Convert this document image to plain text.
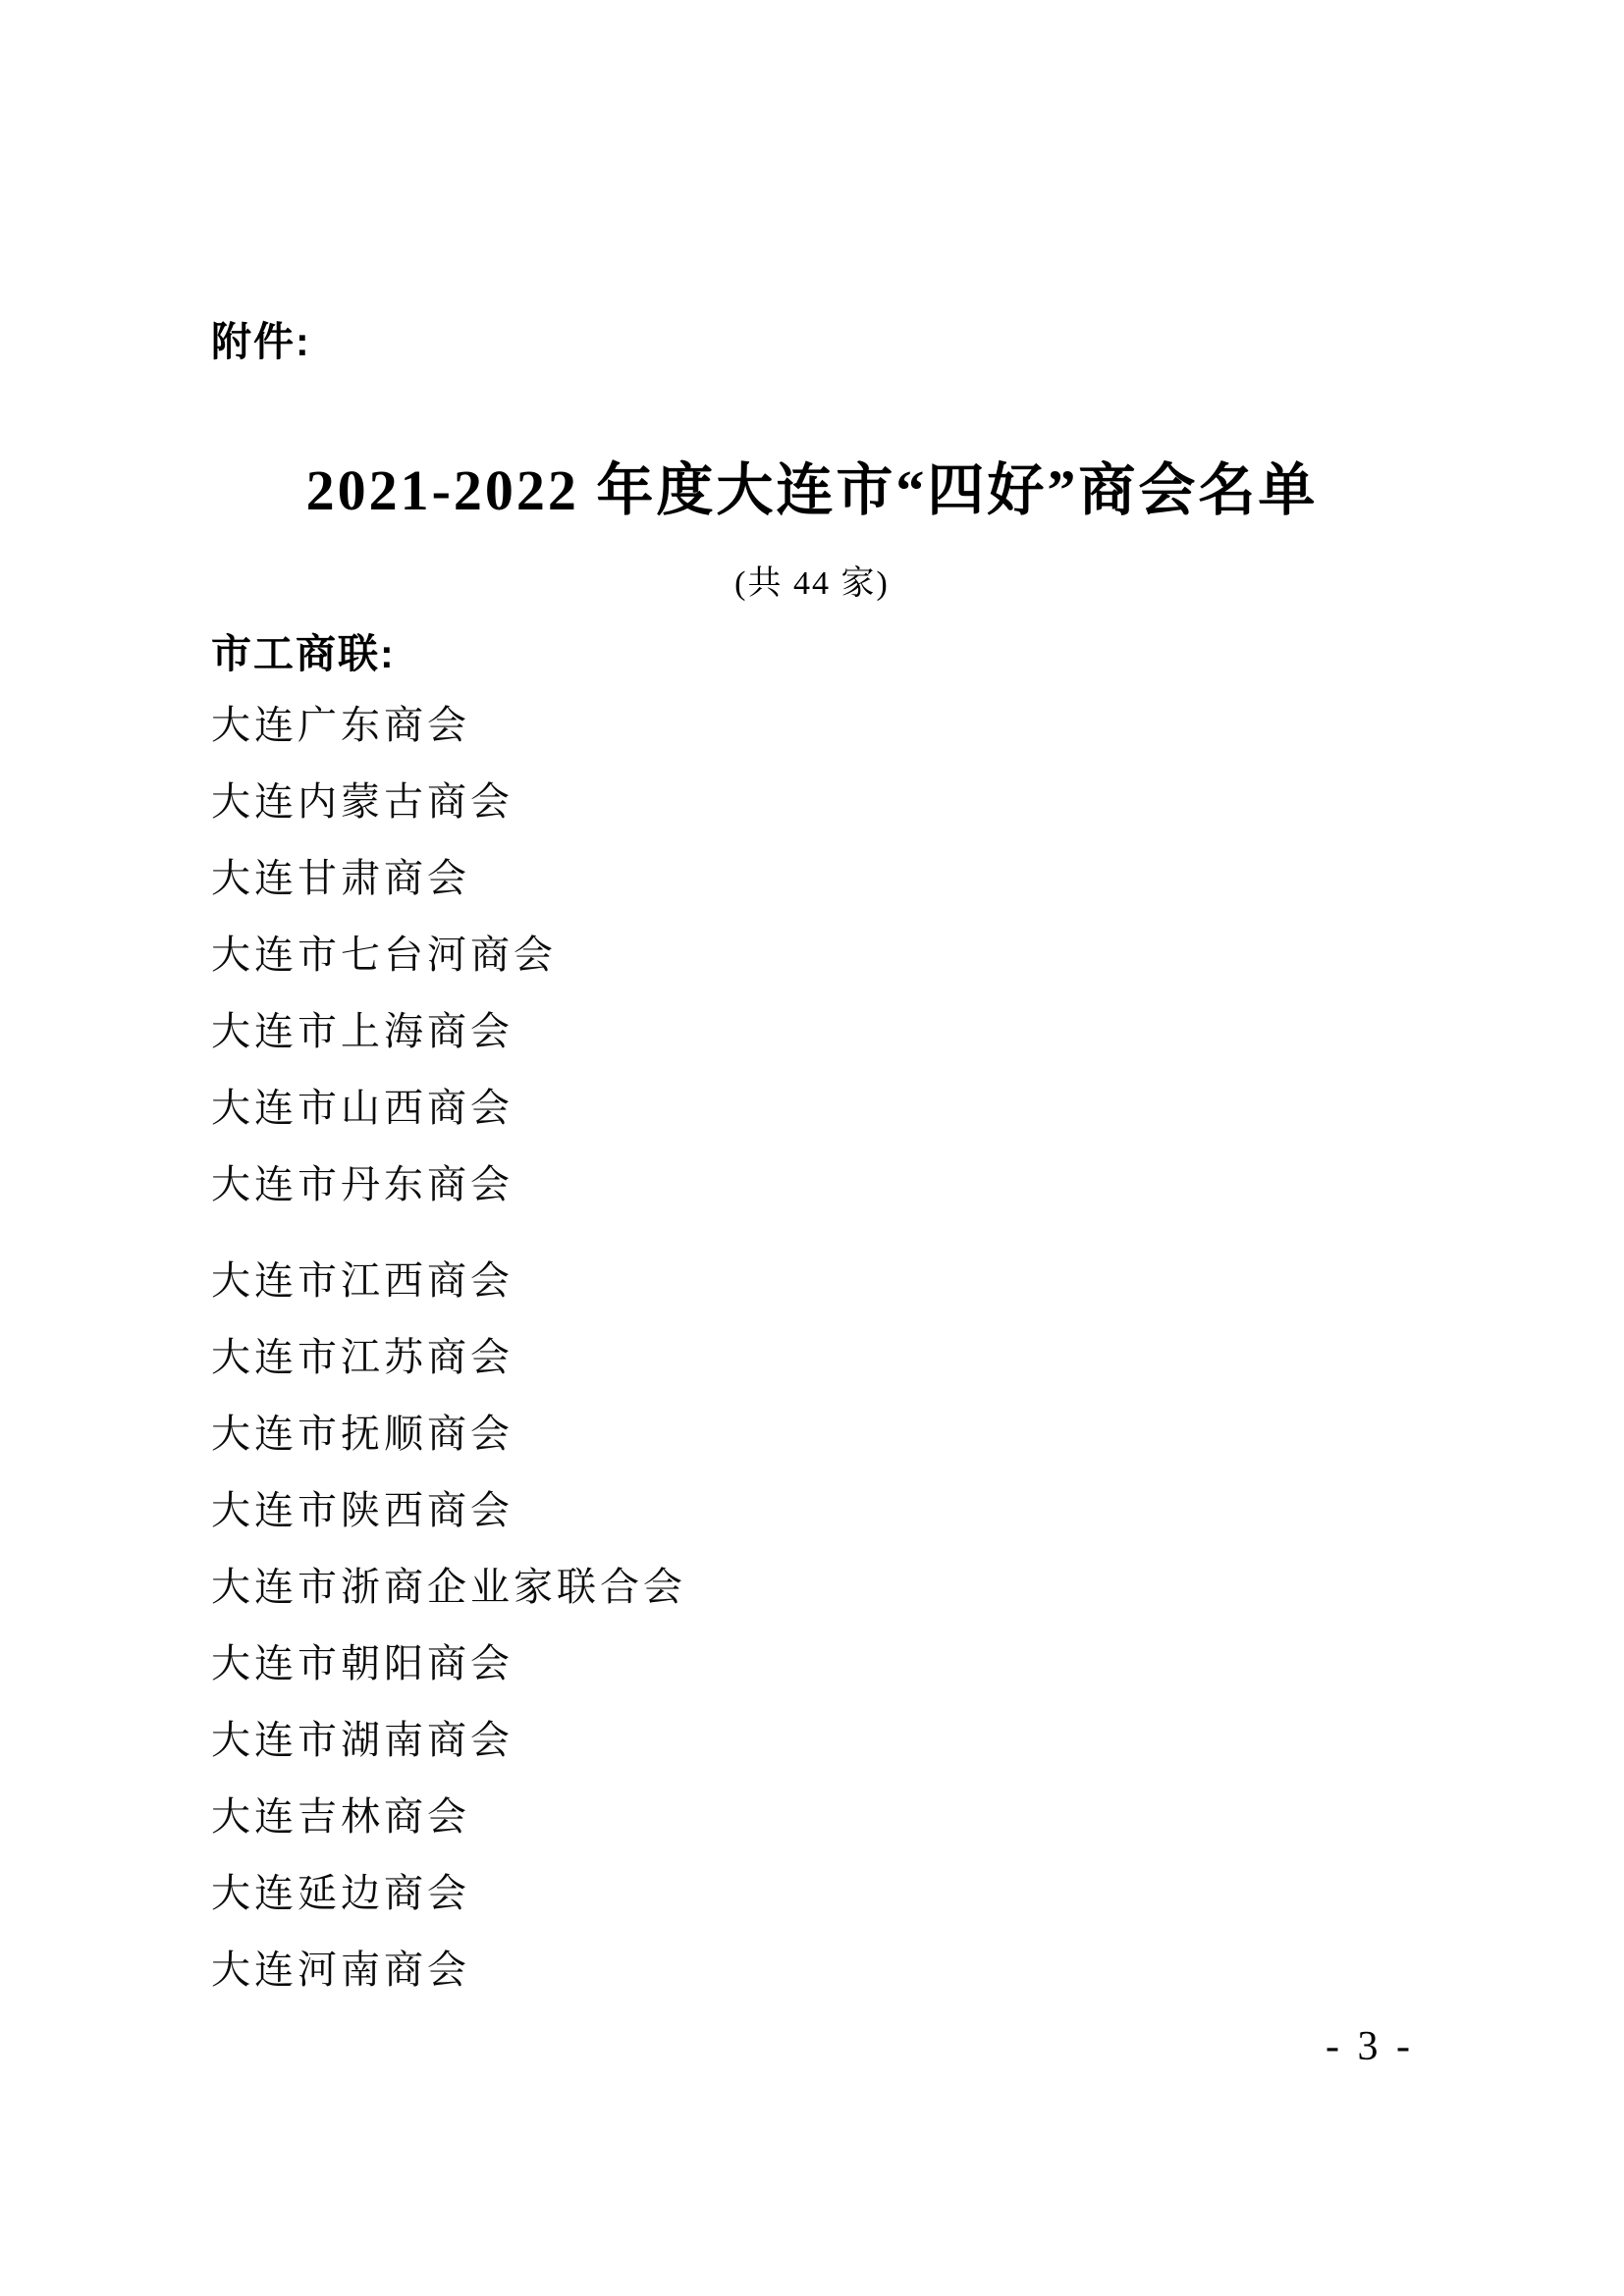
附件:
2021-2022 年度大连市“四好”商会名单
(共 44 家)
市工商联:
大连广东商会
大连内蒙古商会
大连甘肃商会
大连市七台河商会
大连市上海商会
大连市山西商会
大连市丹东商会
大连市江西商会
大连市江苏商会
大连市抚顺商会
大连市陕西商会
大连市浙商企业家联合会
大连市朝阳商会
大连市湖南商会
大连吉林商会
大连延边商会
大连河南商会
- 3 -
